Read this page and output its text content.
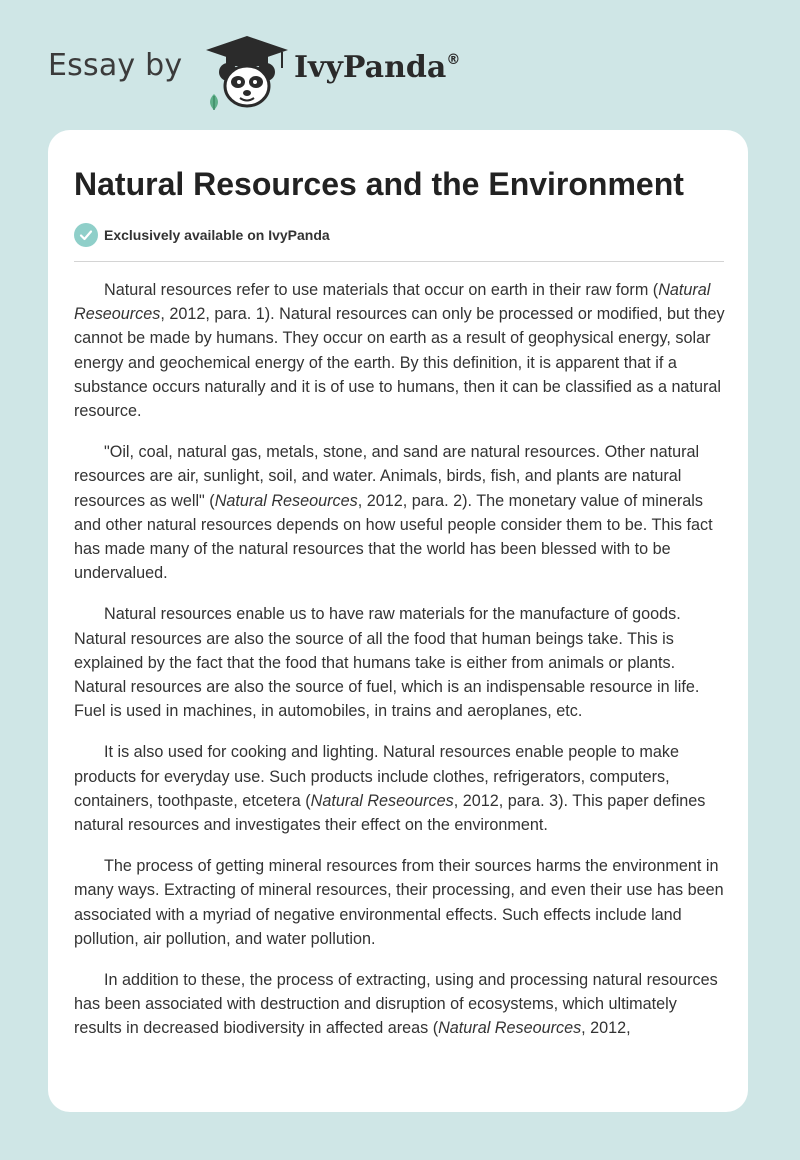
Essay by	IvyPanda®
Natural Resources and the Environment
Exclusively available on IvyPanda

Natural resources refer to use materials that occur on earth in their raw form (Natural Reseources, 2012, para. 1). Natural resources can only be processed or modified, but they cannot be made by humans. They occur on earth as a result of geophysical energy, solar energy and geochemical energy of the earth. By this definition, it is apparent that if a substance occurs naturally and it is of use to humans, then it can be classified as a natural resource.

"Oil, coal, natural gas, metals, stone, and sand are natural resources. Other natural resources are air, sunlight, soil, and water. Animals, birds, fish, and plants are natural resources as well" (Natural Reseources, 2012, para. 2). The monetary value of minerals and other natural resources depends on how useful people consider them to be. This fact has made many of the natural resources that the world has been blessed with to be undervalued.

Natural resources enable us to have raw materials for the manufacture of goods. Natural resources are also the source of all the food that human beings take. This is explained by the fact that the food that humans take is either from animals or plants. Natural resources are also the source of fuel, which is an indispensable resource in life. Fuel is used in machines, in automobiles, in trains and aeroplanes, etc.

It is also used for cooking and lighting. Natural resources enable people to make products for everyday use. Such products include clothes, refrigerators, computers, containers, toothpaste, etcetera (Natural Reseources, 2012, para. 3). This paper defines natural resources and investigates their effect on the environment.

The process of getting mineral resources from their sources harms the environment in many ways. Extracting of mineral resources, their processing, and even their use has been associated with a myriad of negative environmental effects. Such effects include land pollution, air pollution, and water pollution.

In addition to these, the process of extracting, using and processing natural resources has been associated with destruction and disruption of ecosystems, which ultimately results in decreased biodiversity in affected areas (Natural Reseources, 2012,
